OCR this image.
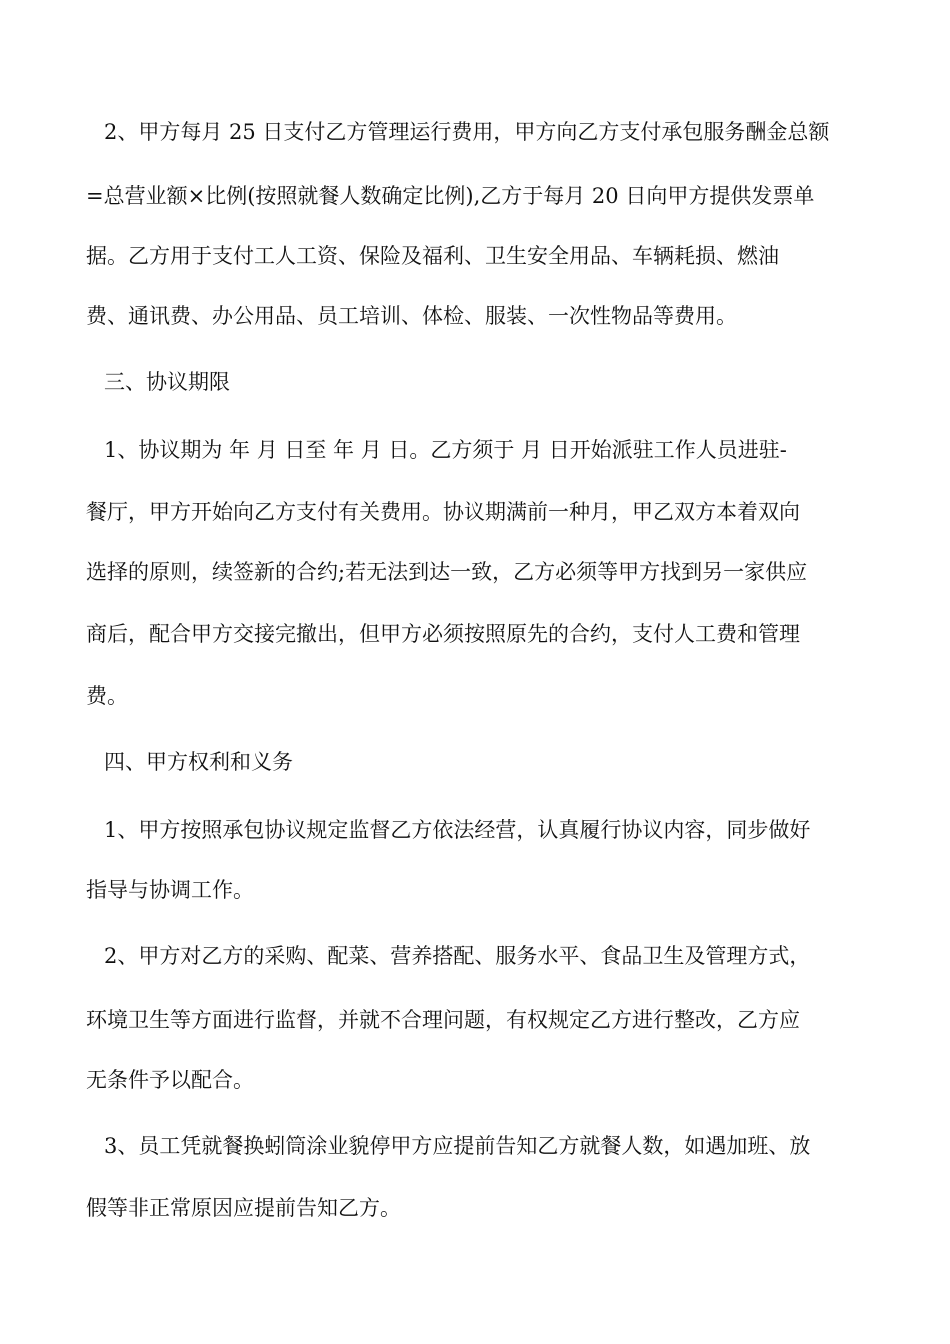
2、甲方每月 25 日支付乙方管理运行费用，甲方向乙方支付承包服务酬金总额
=总营业额×比例(按照就餐人数确定比例),乙方于每月 20 日向甲方提供发票单
据。乙方用于支付工人工资、保险及福利、卫生安全用品、车辆耗损、燃油
费、通讯费、办公用品、员工培训、体检、服装、一次性物品等费用。
三、协议期限
1、协议期为 年 月 日至 年 月 日。乙方须于 月 日开始派驻工作人员进驻-
餐厅，甲方开始向乙方支付有关费用。协议期满前一种月，甲乙双方本着双向
选择的原则，续签新的合约;若无法到达一致，乙方必须等甲方找到另一家供应
商后，配合甲方交接完撤出，但甲方必须按照原先的合约，支付人工费和管理
费。
四、甲方权利和义务
1、甲方按照承包协议规定监督乙方依法经营，认真履行协议内容，同步做好
指导与协调工作。
2、甲方对乙方的采购、配菜、营养搭配、服务水平、食品卫生及管理方式，
环境卫生等方面进行监督，并就不合理问题，有权规定乙方进行整改，乙方应
无条件予以配合。
3、员工凭就餐换蚓筒涂业貌停甲方应提前告知乙方就餐人数，如遇加班、放
假等非正常原因应提前告知乙方。
